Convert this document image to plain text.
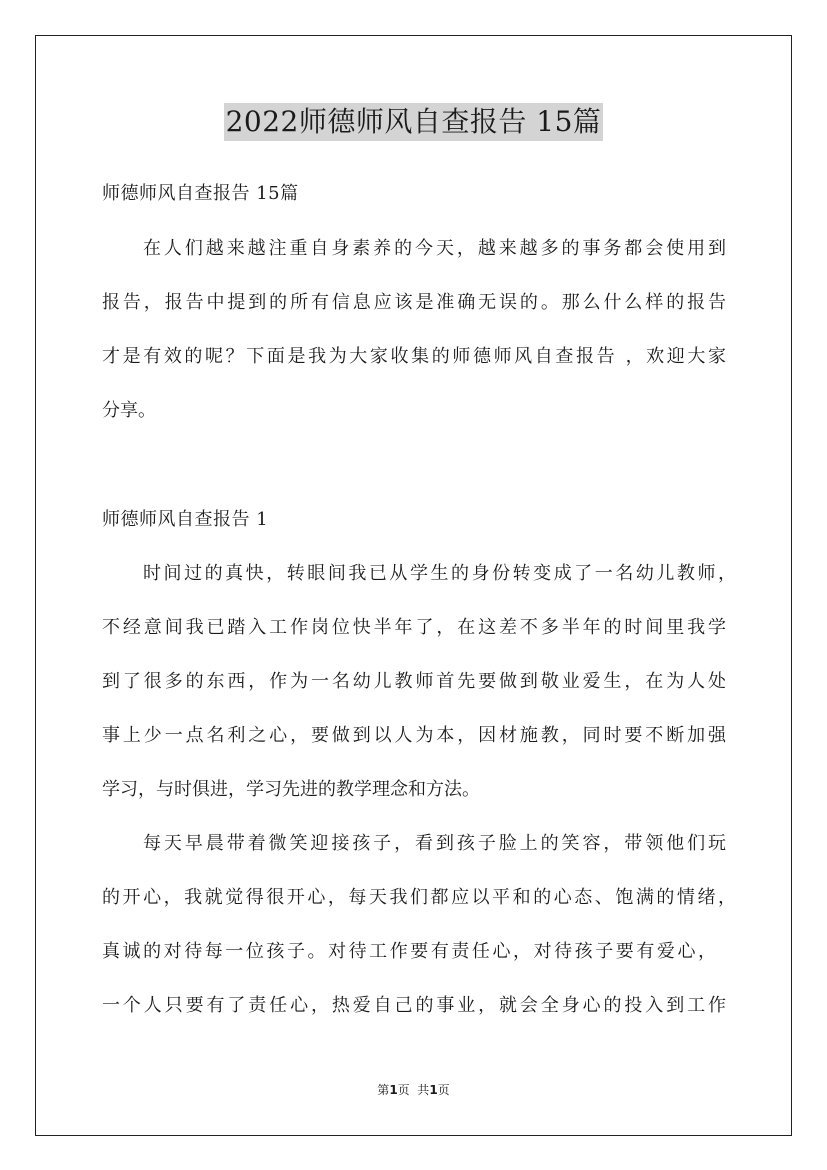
2022师德师风自查报告 15篇
师德师风自查报告 15篇
在人们越来越注重自身素养的今天，越来越多的事务都会使用到
报告，报告中提到的所有信息应该是准确无误的。那么什么样的报告
才是有效的呢？下面是我为大家收集的师德师风自查报告 ，欢迎大家
分享。
师德师风自查报告 1
时间过的真快，转眼间我已从学生的身份转变成了一名幼儿教师，
不经意间我已踏入工作岗位快半年了，在这差不多半年的时间里我学
到了很多的东西，作为一名幼儿教师首先要做到敬业爱生，在为人处
事上少一点名利之心，要做到以人为本，因材施教，同时要不断加强
学习，与时俱进，学习先进的教学理念和方法。
每天早晨带着微笑迎接孩子，看到孩子脸上的笑容，带领他们玩
的开心，我就觉得很开心，每天我们都应以平和的心态、饱满的情绪，
真诚的对待每一位孩子。对待工作要有责任心，对待孩子要有爱心，
一个人只要有了责任心，热爱自己的事业，就会全身心的投入到工作
第1页  共1页
